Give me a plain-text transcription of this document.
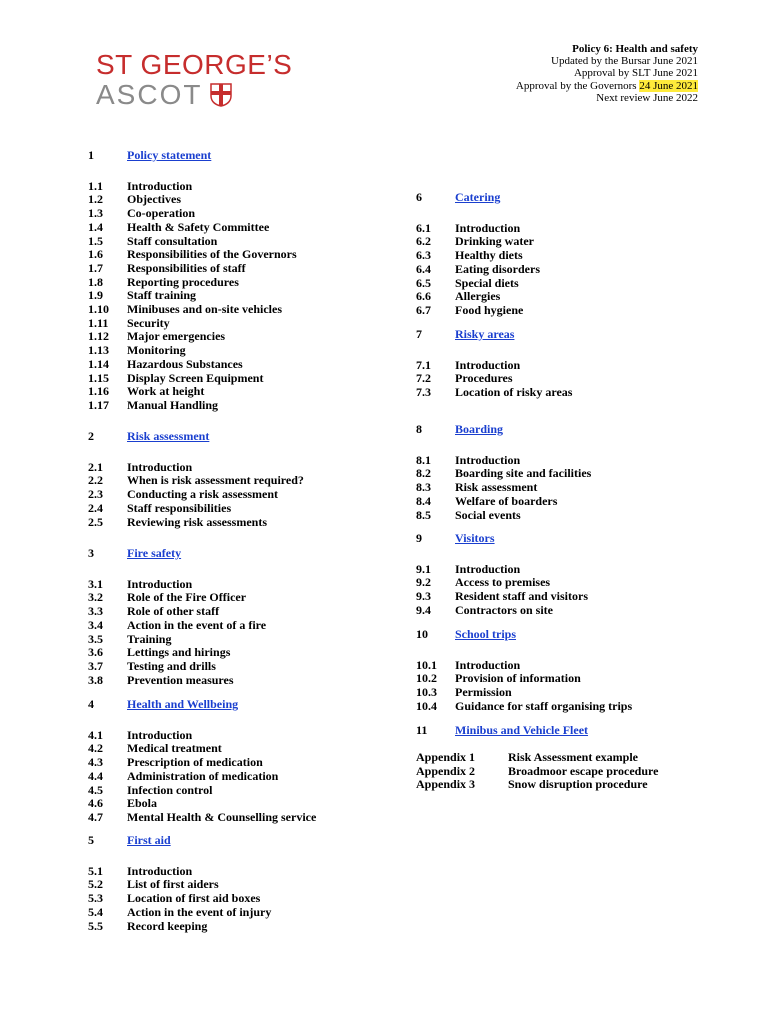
ST GEORGE’S
ASCOT
Policy 6: Health and safety
Updated by the Bursar June 2021
Approval by SLT June 2021
Approval by the Governors 24 June 2021
Next review June 2022
1	Policy statement
1.1	Introduction
1.2	Objectives
1.3	Co-operation
1.4	Health & Safety Committee
1.5	Staff consultation
1.6	Responsibilities of the Governors
1.7	Responsibilities of staff
1.8	Reporting procedures
1.9	Staff training
1.10	Minibuses and on-site vehicles
1.11	Security
1.12	Major emergencies
1.13	Monitoring
1.14	Hazardous Substances
1.15	Display Screen Equipment
1.16	Work at height
1.17	Manual Handling
2	Risk assessment
2.1	Introduction
2.2	When is risk assessment required?
2.3	Conducting a risk assessment
2.4	Staff responsibilities
2.5	Reviewing risk assessments
3	Fire safety
3.1	Introduction
3.2	Role of the Fire Officer
3.3	Role of other staff
3.4	Action in the event of a fire
3.5	Training
3.6	Lettings and hirings
3.7	Testing and drills
3.8	Prevention measures
4	Health and Wellbeing
4.1	Introduction
4.2	Medical treatment
4.3	Prescription of medication
4.4	Administration of medication
4.5	Infection control
4.6	Ebola
4.7	Mental Health & Counselling service
5	First aid
5.1	Introduction
5.2	List of first aiders
5.3	Location of first aid boxes
5.4	Action in the event of injury
5.5	Record keeping
6	Catering
6.1	Introduction
6.2	Drinking water
6.3	Healthy diets
6.4	Eating disorders
6.5	Special diets
6.6	Allergies
6.7	Food hygiene
7	Risky areas
7.1	Introduction
7.2	Procedures
7.3	Location of risky areas
8	Boarding
8.1	Introduction
8.2	Boarding site and facilities
8.3	Risk assessment
8.4	Welfare of boarders
8.5	Social events
9	Visitors
9.1	Introduction
9.2	Access to premises
9.3	Resident staff and visitors
9.4	Contractors on site
10	School trips
10.1	Introduction
10.2	Provision of information
10.3	Permission
10.4	Guidance for staff organising trips
11	Minibus and Vehicle Fleet
Appendix 1	Risk Assessment example
Appendix 2	Broadmoor escape procedure
Appendix 3	Snow disruption procedure
